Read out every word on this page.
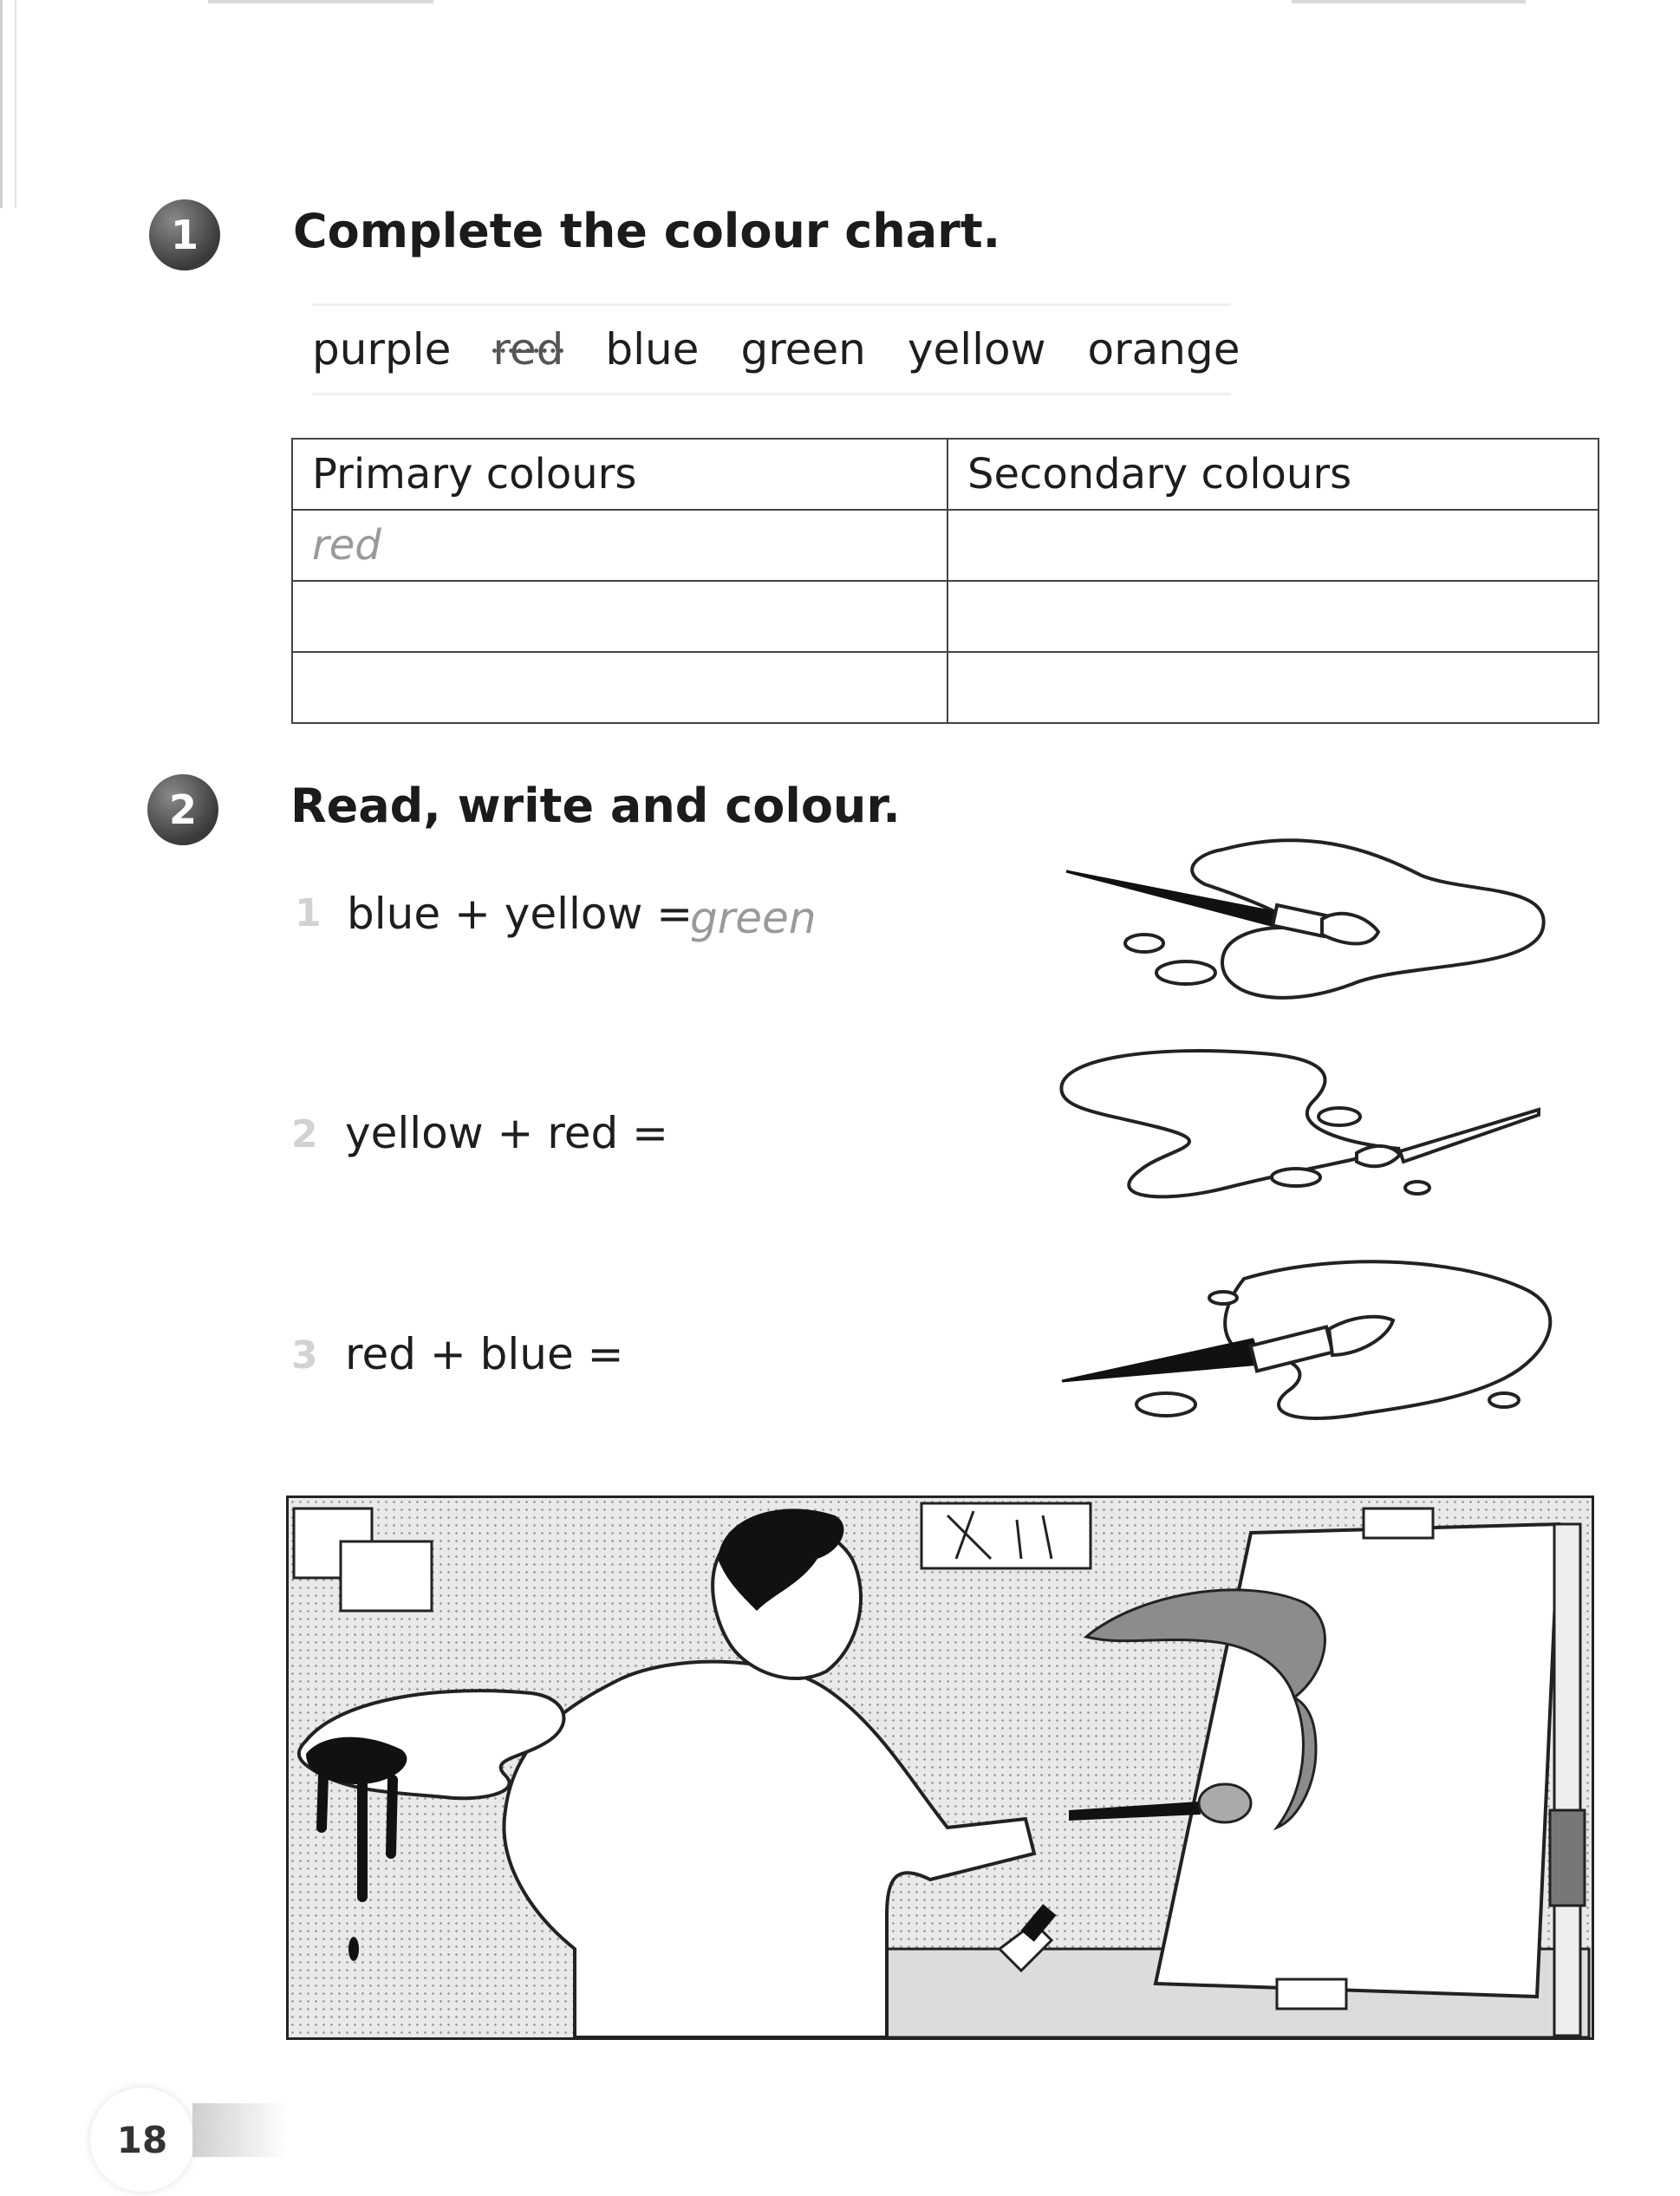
1 Complete the colour chart.
purple red blue green yellow orange
Primary colours	Secondary colours
red	

2 Read, write and colour.
1 blue + yellow =
green
2 yellow + red =
3 red + blue =
18
